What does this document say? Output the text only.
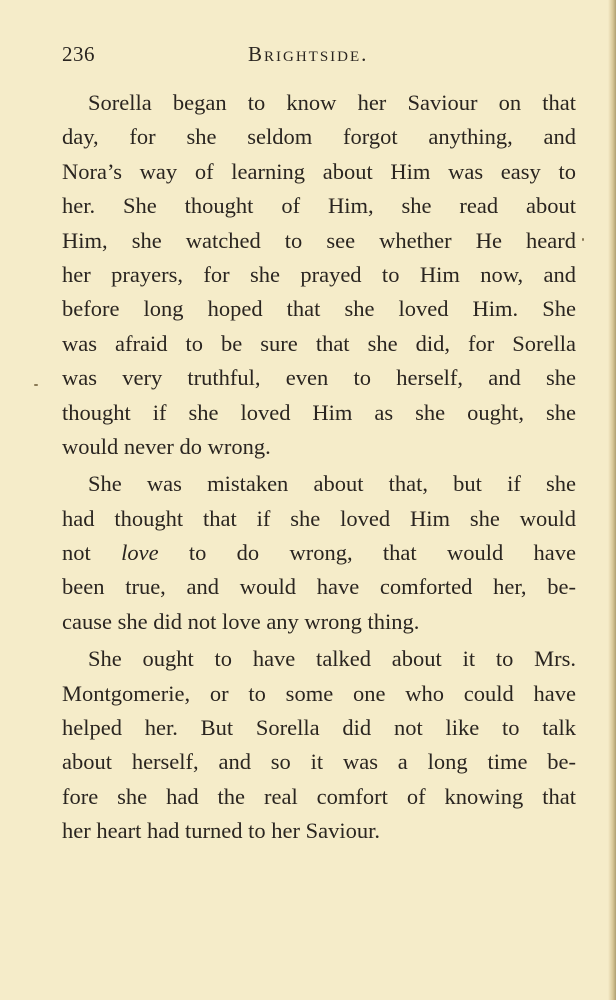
236	Brightside.
Sorella began to know her Saviour on that
day, for she seldom forgot anything, and
Nora’s way of learning about Him was easy to
her. She thought of Him, she read about
Him, she watched to see whether He heard
her prayers, for she prayed to Him now, and
before long hoped that she loved Him. She
was afraid to be sure that she did, for Sorella
was very truthful, even to herself, and she
thought if she loved Him as she ought, she
would never do wrong.
She was mistaken about that, but if she
had thought that if she loved Him she would
not love to do wrong, that would have
been true, and would have comforted her, be-
cause she did not love any wrong thing.
She ought to have talked about it to Mrs.
Montgomerie, or to some one who could have
helped her. But Sorella did not like to talk
about herself, and so it was a long time be-
fore she had the real comfort of knowing that
her heart had turned to her Saviour.
